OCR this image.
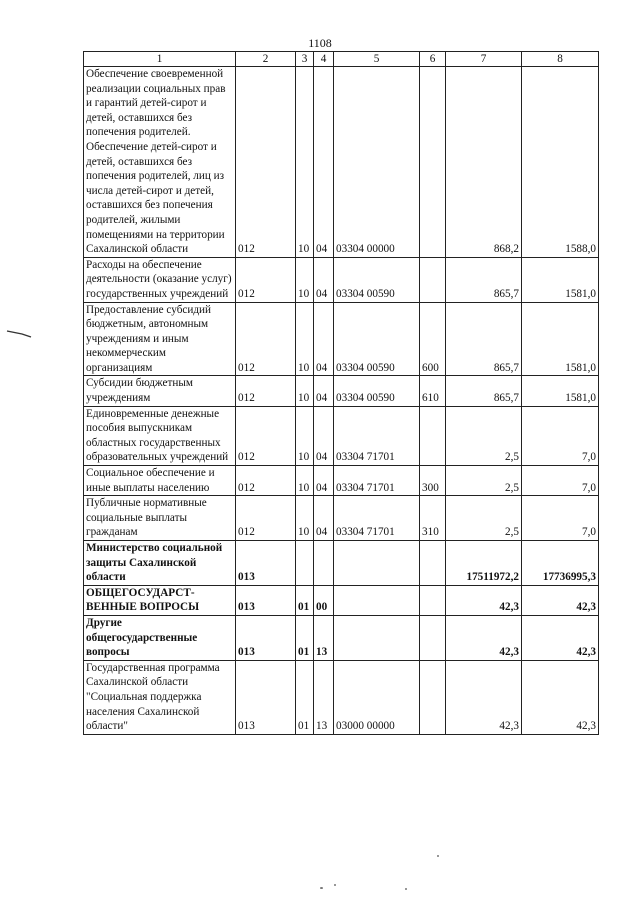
1108
1	2	3	4	5	6	7	8
Обеспечение своевременной реализации социальных прав и гарантий детей-сирот и детей, оставшихся без попечения родителей. Обеспечение детей-сирот и детей, оставшихся без попечения родителей, лиц из числа детей-сирот и детей, оставшихся без попечения родителей, жилыми помещениями на территории Сахалинской области	012	10	04	03304 00000		868,2	1588,0
Расходы на обеспечение деятельности (оказание услуг) государственных учреждений	012	10	04	03304 00590		865,7	1581,0
Предоставление субсидий бюджетным, автономным учреждениям и иным некоммерческим организациям	012	10	04	03304 00590	600	865,7	1581,0
Субсидии бюджетным учреждениям	012	10	04	03304 00590	610	865,7	1581,0
Единовременные денежные пособия выпускникам областных государственных образовательных учреждений	012	10	04	03304 71701		2,5	7,0
Социальное обеспечение и иные выплаты населению	012	10	04	03304 71701	300	2,5	7,0
Публичные нормативные социальные выплаты гражданам	012	10	04	03304 71701	310	2,5	7,0
Министерство социальной защиты Сахалинской области	013					17511972,2	17736995,3
ОБЩЕГОСУДАРСТ-ВЕННЫЕ ВОПРОСЫ	013	01	00			42,3	42,3
Другие общегосударственные вопросы	013	01	13			42,3	42,3
Государственная программа Сахалинской области "Социальная поддержка населения Сахалинской области"	013	01	13	03000 00000		42,3	42,3
